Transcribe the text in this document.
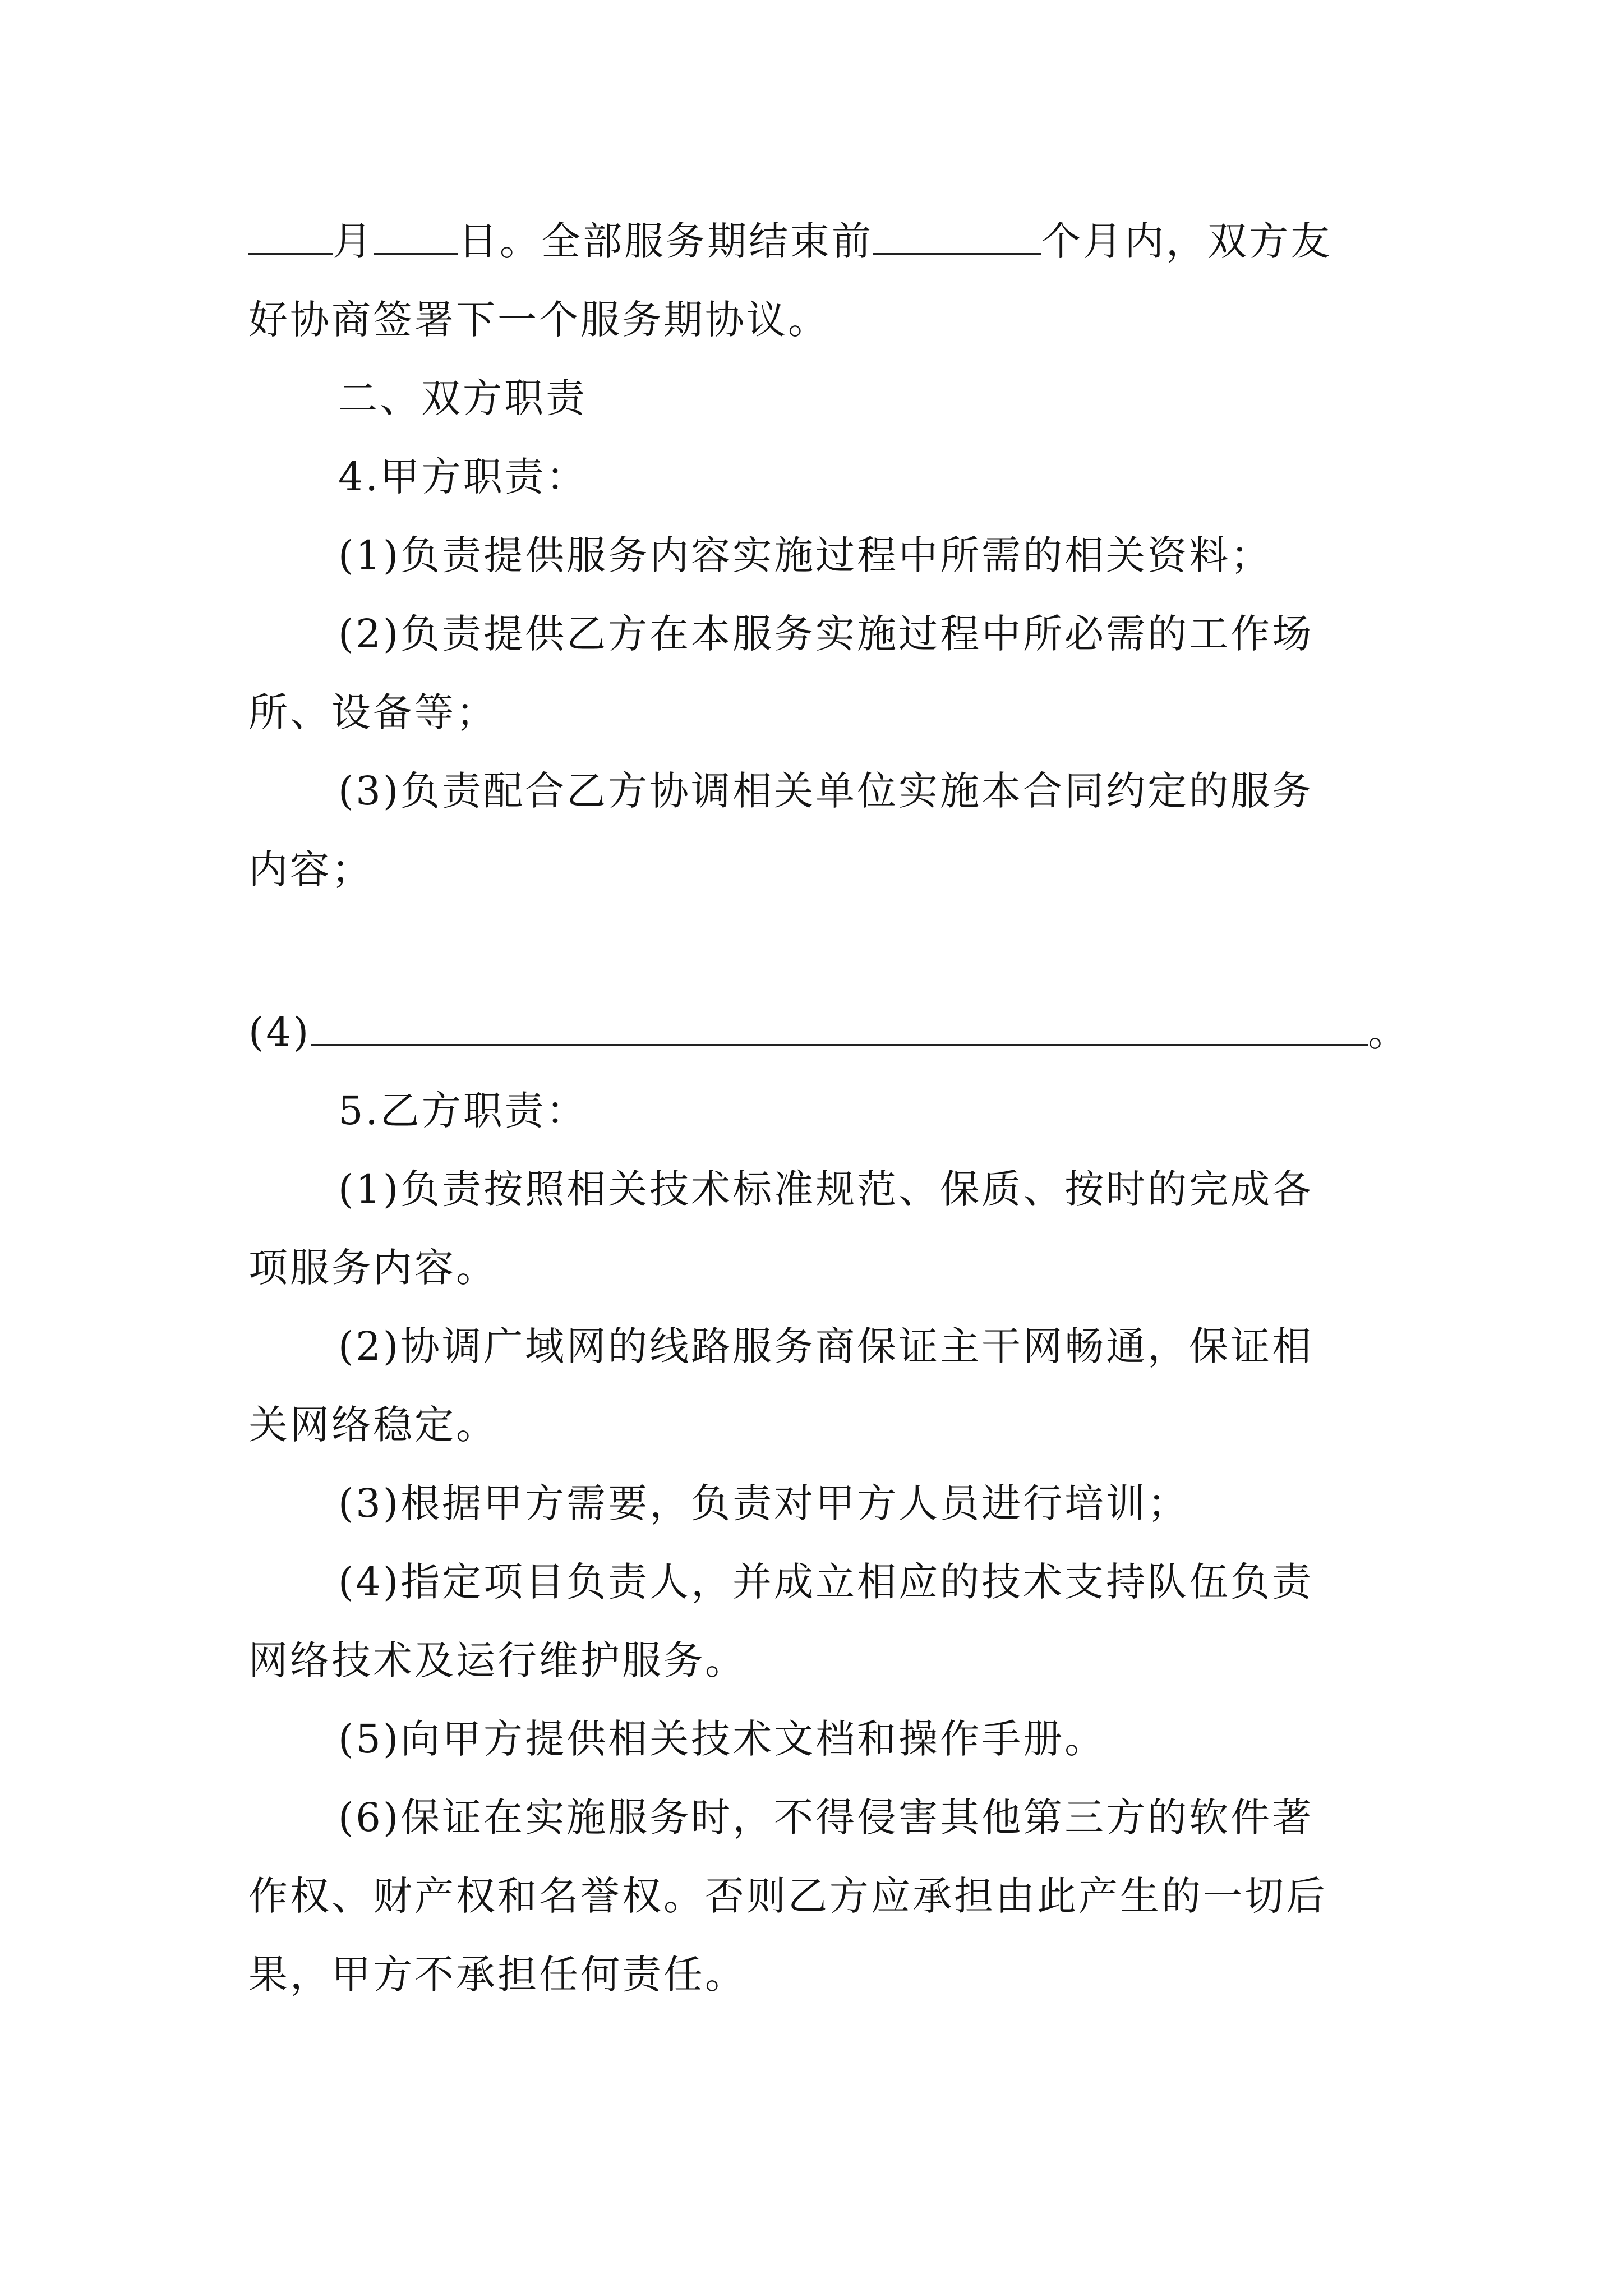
月 日。全部服务期结束前	个月内，双方友
好协商签署下一个服务期协议。
二、双方职责
4.甲方职责：
(1)负责提供服务内容实施过程中所需的相关资料；
(2)负责提供乙方在本服务实施过程中所必需的工作场
所、设备等；
(3)负责配合乙方协调相关单位实施本合同约定的服务
内容；
(4)	。
5.乙方职责：
(1)负责按照相关技术标准规范、保质、按时的完成各
项服务内容。
(2)协调广域网的线路服务商保证主干网畅通，保证相
关网络稳定。
(3)根据甲方需要，负责对甲方人员进行培训；
(4)指定项目负责人，并成立相应的技术支持队伍负责
网络技术及运行维护服务。
(5)向甲方提供相关技术文档和操作手册。
(6)保证在实施服务时，不得侵害其他第三方的软件著
作权、财产权和名誉权。否则乙方应承担由此产生的一切后
果，甲方不承担任何责任。
